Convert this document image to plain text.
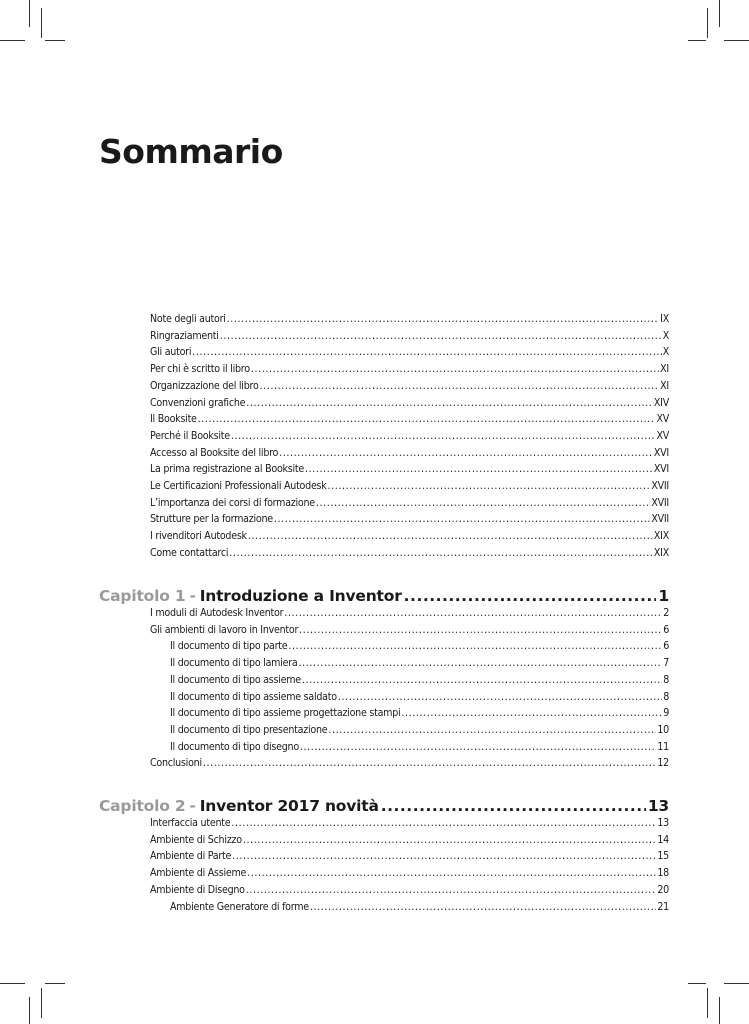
Sommario
Note degli autori .....	IX
Ringraziamenti .....	X
Gli autori .....	X
Per chi è scritto il libro .....	XI
Organizzazione del libro .....	XI
Convenzioni grafiche .....	XIV
Il Booksite .....	XV
Perché il Booksite .....	XV
Accesso al Booksite del libro .....	XVI
La prima registrazione al Booksite .....	XVI
Le Certificazioni Professionali Autodesk .....	XVII
L’importanza dei corsi di formazione .....	XVII
Strutture per la formazione .....	XVII
I rivenditori Autodesk .....	XIX
Come contattarci .....	XIX
Capitolo 1 - Introduzione a Inventor .....	1
I moduli di Autodesk Inventor .....	2
Gli ambienti di lavoro in Inventor .....	6
Il documento di tipo parte .....	6
Il documento di tipo lamiera .....	7
Il documento di tipo assieme .....	8
Il documento di tipo assieme saldato .....	8
Il documento di tipo assieme progettazione stampi .....	9
Il documento di tipo presentazione .....	10
Il documento di tipo disegno .....	11
Conclusioni .....	12
Capitolo 2 - Inventor 2017 novità .....	13
Interfaccia utente .....	13
Ambiente di Schizzo .....	14
Ambiente di Parte .....	15
Ambiente di Assieme .....	18
Ambiente di Disegno .....	20
Ambiente Generatore di forme .....	21
